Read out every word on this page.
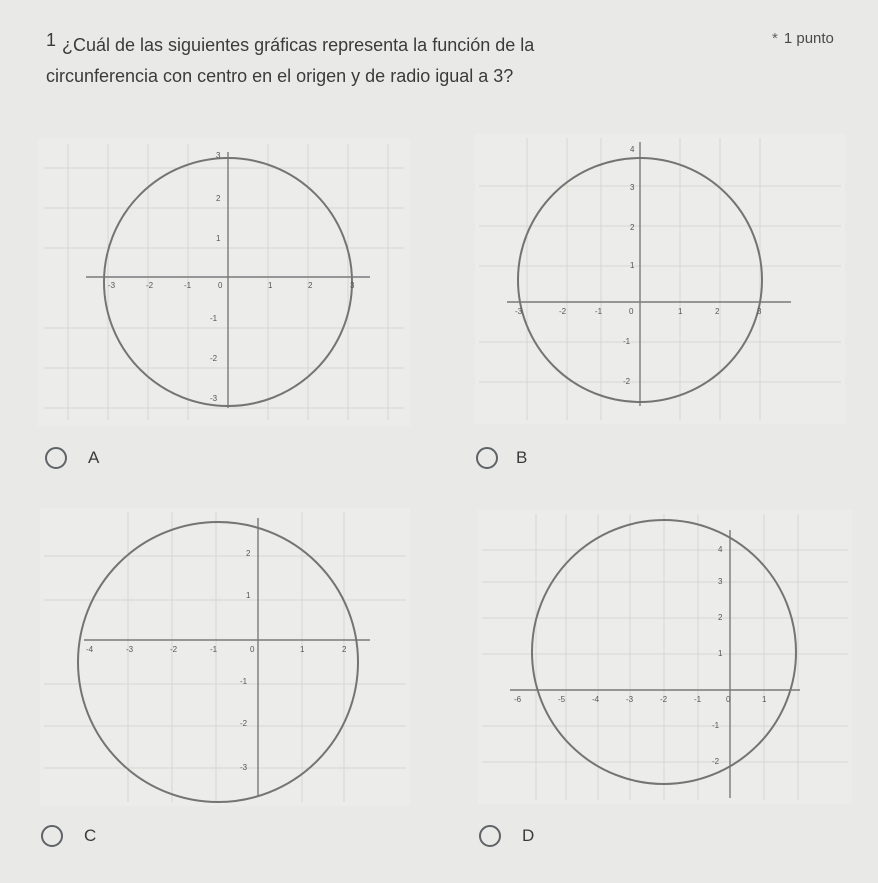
1 ¿Cuál de las siguientes gráficas representa la función de la
circunferencia con centro en el origen y de radio igual a 3?
* 1 punto
-3	-2	-1	0	1	2	3
3
2
1
-1
-2
-3
-3	-2	-1	0	1	2	3
4
3
2
1
-1
-2
A	B
-4	-3	-2	-1	0	1	2
2
1
-1
-2
-3
-6	-5	-4	-3	-2	-1	0	1
4
3
2
1
-1
-2
C	D
